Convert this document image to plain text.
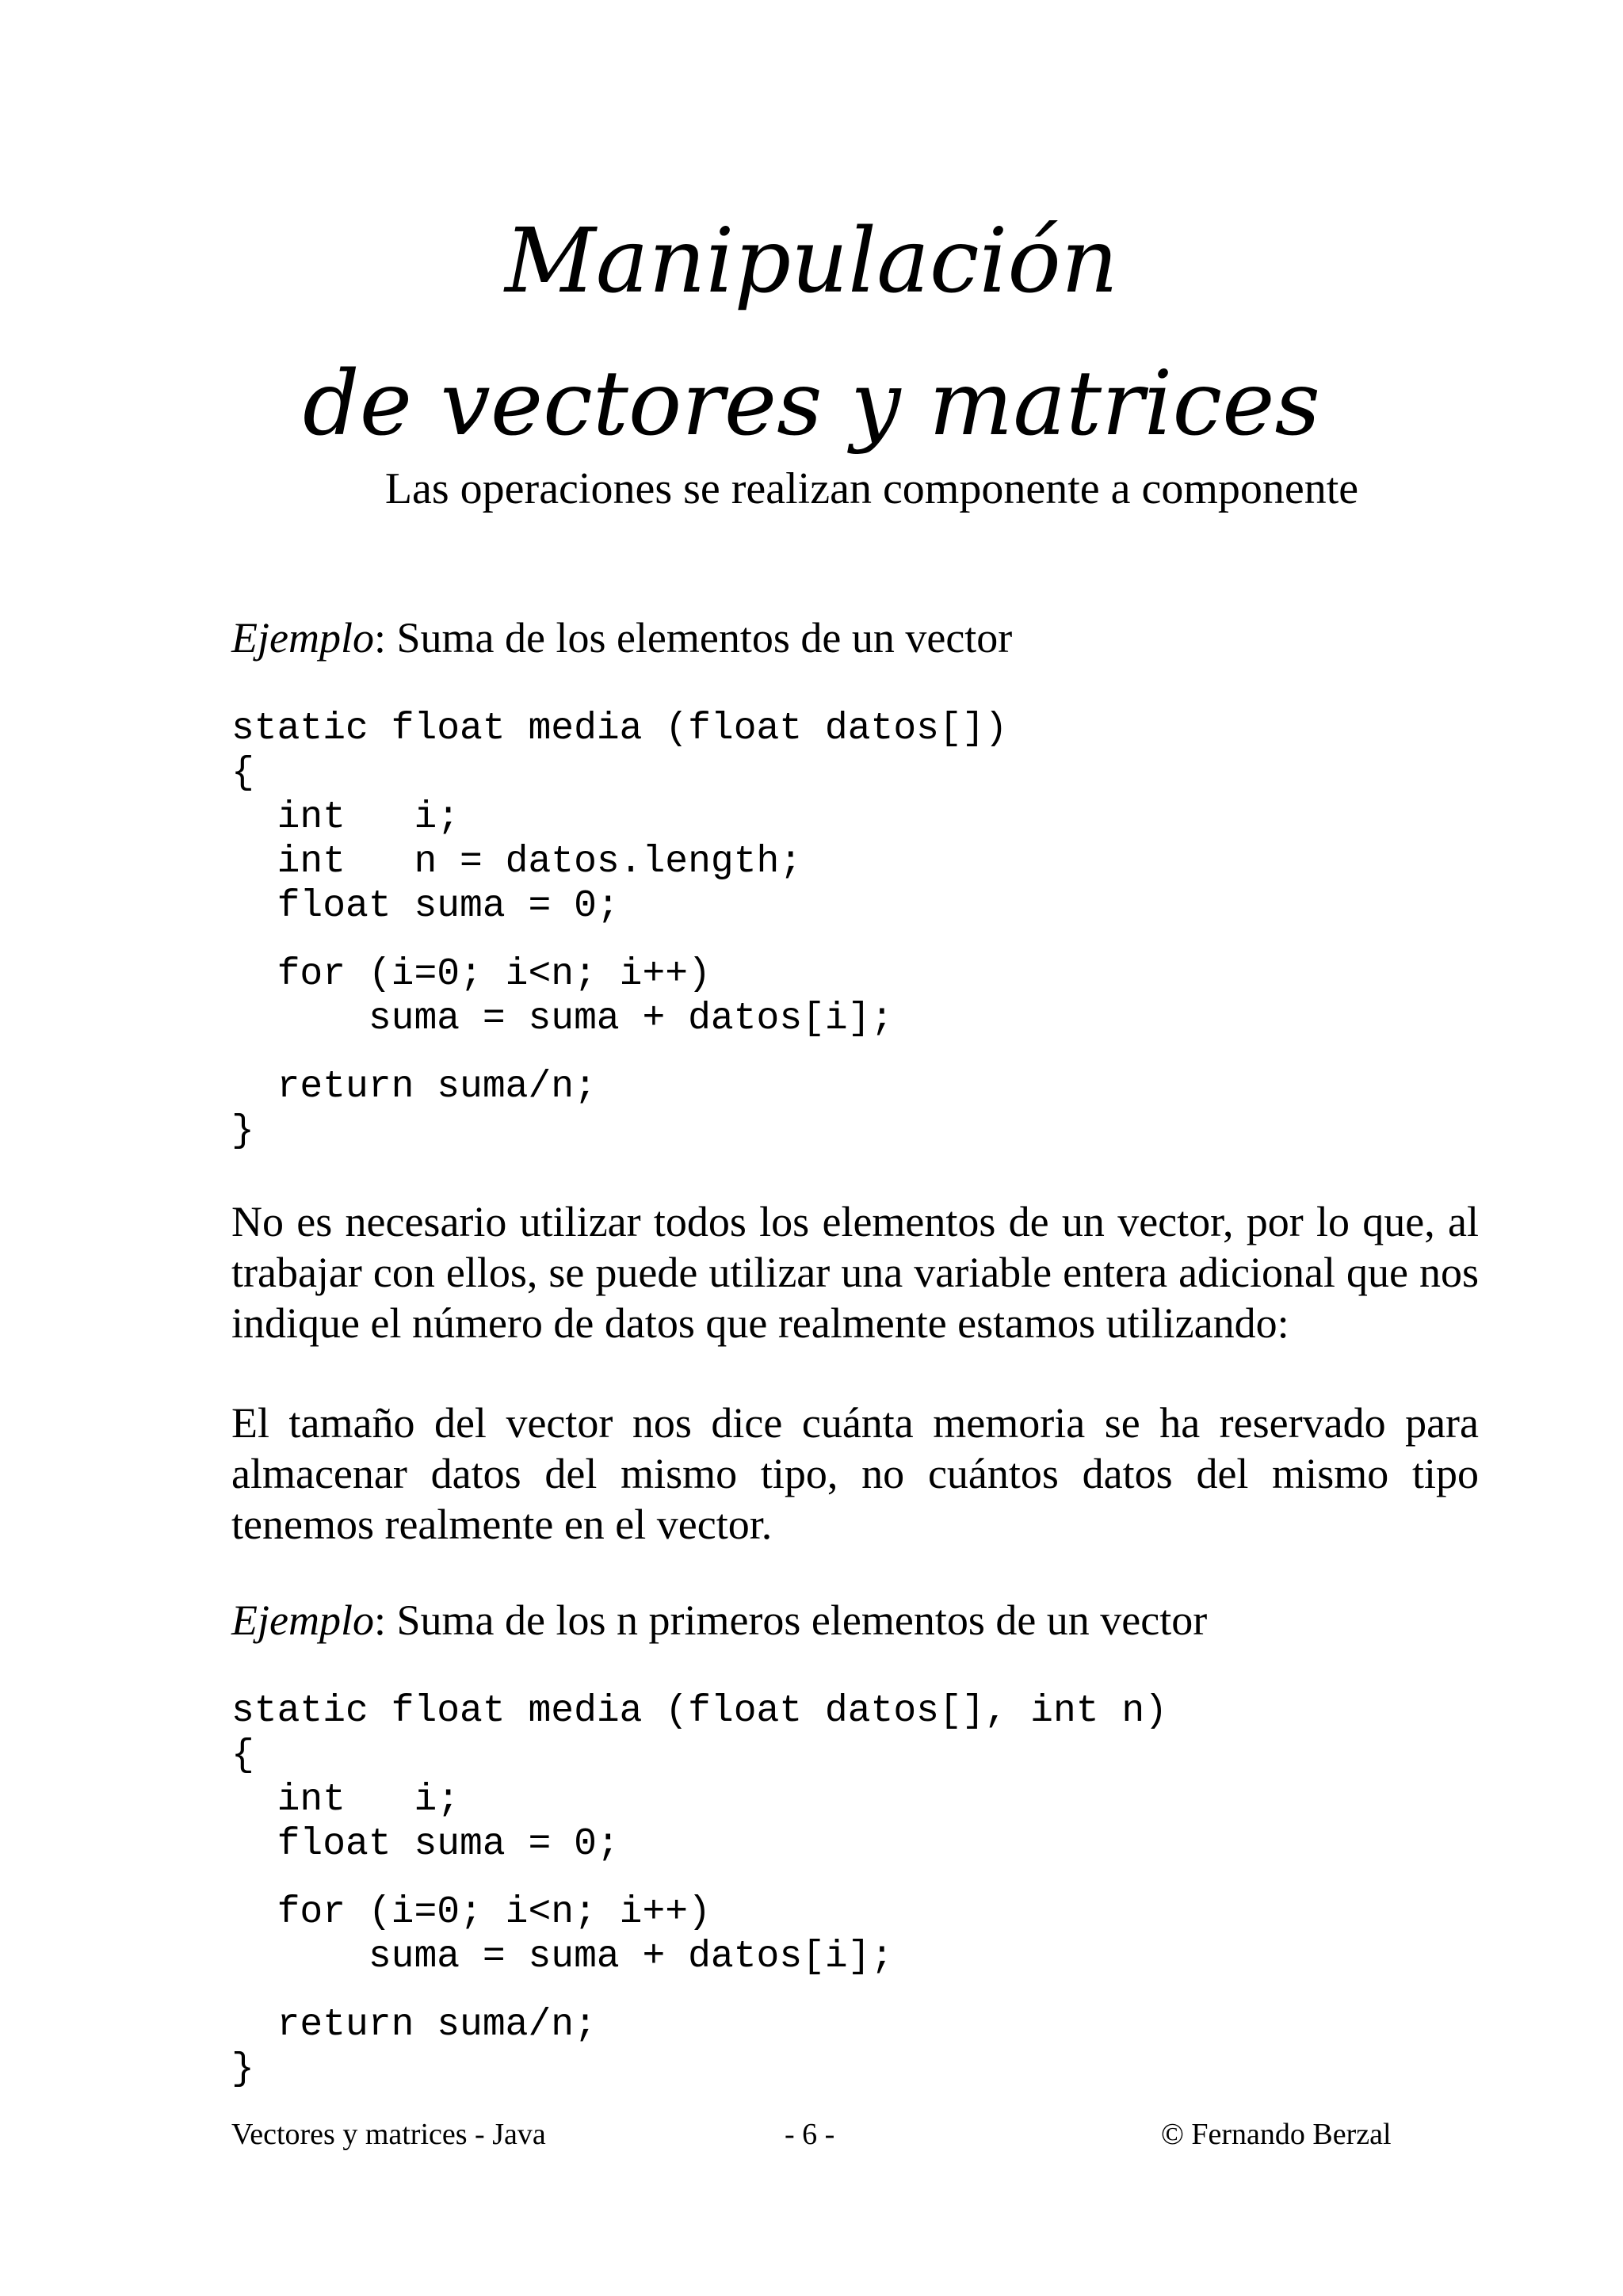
Manipulación
de vectores y matrices
Las operaciones se realizan componente a componente
Ejemplo: Suma de los elementos de un vector
static float media (float datos[])
{
int   i;
int   n = datos.length;
float suma = 0;
for (i=0; i<n; i++)
suma = suma + datos[i];
return suma/n;
}

No es necesario utilizar todos los elementos de un vector, por lo que, al trabajar con ellos, se puede utilizar una variable entera adicional que nos indique el número de datos que realmente estamos utilizando:

El tamaño del vector nos dice cuánta memoria se ha reservado para almacenar datos del mismo tipo, no cuántos datos del mismo tipo tenemos realmente en el vector.

Ejemplo: Suma de los n primeros elementos de un vector
static float media (float datos[], int n)
{
int   i;
float suma = 0;
for (i=0; i<n; i++)
suma = suma + datos[i];
return suma/n;
}
Vectores y matrices - Java	- 6 -	© Fernando Berzal
